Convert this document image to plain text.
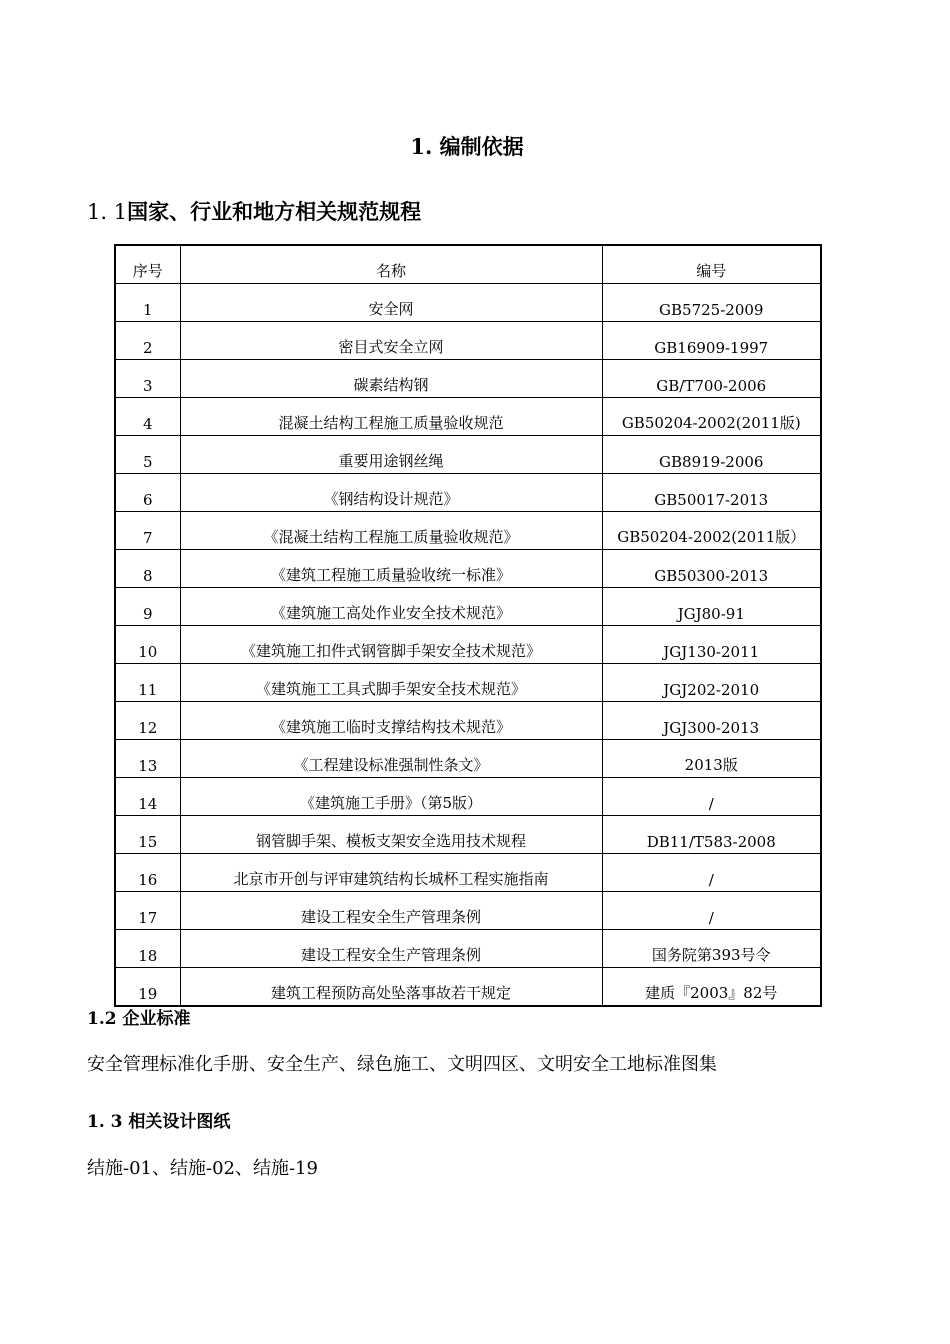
1. 编制依据
1. 1国家、行业和地方相关规范规程
序号	名称	编号
1	安全网	GB5725-2009
2	密目式安全立网	GB16909-1997
3	碳素结构钢	GB/T700-2006
4	混凝土结构工程施工质量验收规范	GB50204-2002(2011版)
5	重要用途钢丝绳	GB8919-2006
6	《钢结构设计规范》	GB50017-2013
7	《混凝土结构工程施工质量验收规范》	GB50204-2002(2011版）
8	《建筑工程施工质量验收统一标准》	GB50300-2013
9	《建筑施工高处作业安全技术规范》	JGJ80-91
10	《建筑施工扣件式钢管脚手架安全技术规范》	JGJ130-2011
11	《建筑施工工具式脚手架安全技术规范》	JGJ202-2010
12	《建筑施工临时支撑结构技术规范》	JGJ300-2013
13	《工程建设标准强制性条文》	2013版
14	《建筑施工手册》（第5版）	/
15	钢管脚手架、模板支架安全选用技术规程	DB11/T583-2008
16	北京市开创与评审建筑结构长城杯工程实施指南	/
17	建设工程安全生产管理条例	/
18	建设工程安全生产管理条例	国务院第393号令
19	建筑工程预防高处坠落事故若干规定	建质『2003』82号
1.2 企业标准
安全管理标准化手册、安全生产、绿色施工、文明四区、文明安全工地标准图集
1. 3 相关设计图纸
结施-01、结施-02、结施-19
